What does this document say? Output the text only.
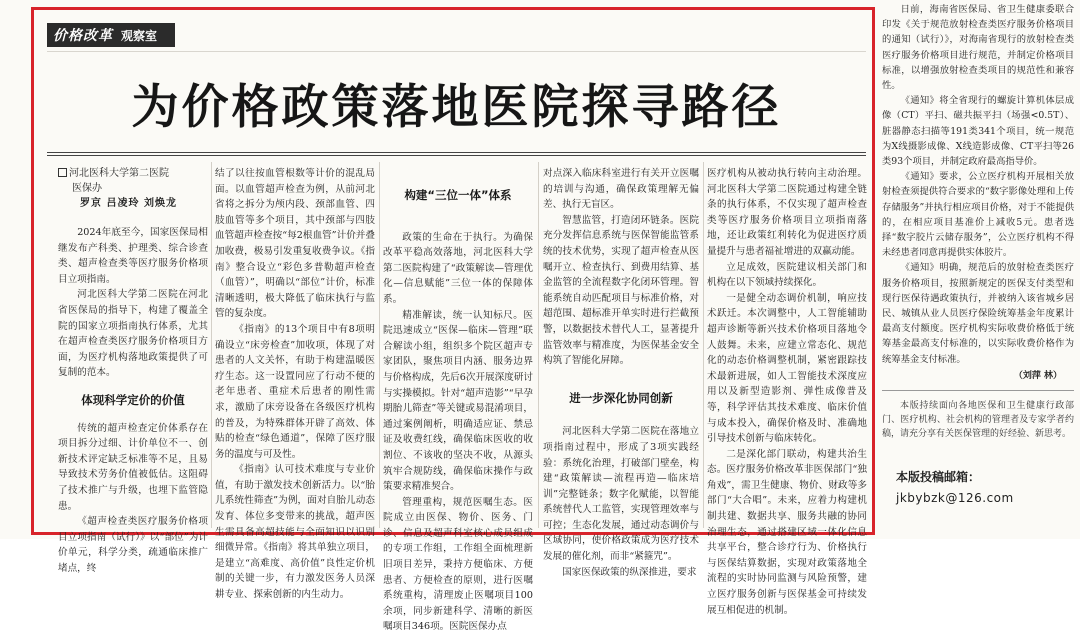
价格改革 观察室
为价格政策落地医院探寻路径
河北医科大学第二医院
医保办
罗京 吕凌玲 刘焕龙

2024年底至今，国家医保局相继发布产科类、护理类、综合诊查类、超声检查类等医疗服务价格项目立项指南。

河北医科大学第二医院在河北省医保局的指导下，构建了覆盖全院的国家立项指南执行体系，尤其在超声检查类医疗服务价格项目方面，为医疗机构落地政策提供了可复制的范本。

体现科学定价的价值

传统的超声检查定价体系存在项目拆分过细、计价单位不一、创新技术评定缺乏标准等不足，且易导致技术劳务价值被低估。这阻碍了技术推广与升级，也埋下监管隐患。

《超声检查类医疗服务价格项目立项指南（试行）》以“部位”为计价单元，科学分类，疏通临床推广堵点，终

结了以往按血管根数等计价的混乱局面。以血管超声检查为例，从前河北省将之拆分为颅内段、颈部血管、四肢血管等多个项目，其中颈部与四肢血管超声检查按“每2根血管”计价并叠加收费，极易引发重复收费争议。《指南》整合设立“彩色多普勒超声检查（血管）”，明确以“部位”计价，标准清晰透明，极大降低了临床执行与监管的复杂度。

《指南》的13个项目中有8项明确设立“床旁检查”加收项，体现了对患者的人文关怀，有助于构建温暖医疗生态。这一设置同应了行动不便的老年患者、重症术后患者的刚性需求，激励了床旁设备在各级医疗机构的普及，为特殊群体开辟了高效、体贴的检查“绿色通道”，保障了医疗服务的温度与可及性。

《指南》认可技术难度与专业价值，有助于激发技术创新活力。以“胎儿系统性筛查”为例，面对自胎儿动态发育、体位多变带来的挑战，超声医生需具备高超技能与全面知识以识别细微异常。《指南》将其单独立项目，是建立“高难度、高价值”良性定价机制的关键一步，有力激发医务人员深耕专业、探索创新的内生动力。

构建“三位一体”体系

政策的生命在于执行。为确保改革平稳高效落地，河北医科大学第二医院构建了“政策解读—管理优化—信息赋能”三位一体的保障体系。

精准解读，统一认知标尺。医院迅速成立“医保—临床—管理”联合解读小组，组织多个院区超声专家团队，聚焦项目内涵、服务边界与价格构成，先后6次开展深度研讨与实操模拟。针对“超声造影”“早孕期胎儿筛查”等关键或易混淆项目，通过案例阐析，明确适应证、禁忌证及收费红线，确保临床医收的收割位、不该收的坚决不收，从源头筑牢合规防线，确保临床操作与政策要求精准契合。

管理重构，规范医嘱生态。医院成立由医保、物价、医务、门诊、信息及超声科室核心成员组成的专项工作组，工作组全面梳理新旧项目差异，秉持方便临床、方便患者、方便检查的原则，进行医嘱系统重构，清理废止医嘱项目100余项，同步新建科学、清晰的新医嘱项目346项。医院医保办点

对点深入临床科室进行有关开立医嘱的培训与沟通，确保政策理解无偏差、执行无盲区。

智慧监管，打造闭环链条。医院充分发挥信息系统与医保智能监管系统的技术优势，实现了超声检查从医嘱开立、检查执行、到费用结算、基金监管的全流程数字化闭环管理。智能系统自动匹配项目与标准价格，对超范围、超标准开单实时进行拦截预警，以数据技术替代人工，显著提升监管效率与精准度，为医保基金安全构筑了智能化屏障。

进一步深化协同创新

河北医科大学第二医院在落地立项指南过程中，形成了3项实践经验：系统化治理，打破部门壁垒，构建“政策解读—流程再造—临床培训”完整链条；数字化赋能，以智能系统替代人工监管，实现管理效率与可控；生态化发展，通过动态调价与区域协同，使价格政策成为医疗技术发展的催化剂，而非“紧箍咒”。

国家医保政策的纵深推进，要求

医疗机构从被动执行转向主动治理。河北医科大学第二医院通过构建全链条的执行体系，不仅实现了超声检查类等医疗服务价格项目立项指南落地，还让政策红利转化为促进医疗质量提升与患者福祉增进的双赢动能。

立足成效，医院建议相关部门和机构在以下领域持续探化。

一是健全动态调价机制，响应技术跃迁。本次调整中，人工智能辅助超声诊断等新兴技术价格项目落地令人鼓舞。未来，应建立常态化、规范化的动态价格调整机制，紧密跟踪技术最新进展，如人工智能技术深度应用以及新型造影剂、弹性成像普及等，科学评估其技术难度、临床价值与成本投入，确保价格及时、准确地引导技术创新与临床转化。

二是深化部门联动，构建共治生态。医疗服务价格改革非医保部门“独角戏”，需卫生健康、物价、财政等多部门“大合唱”。未来，应着力构建机制共建、数据共享、服务共融的协同治理生态，通过搭建区域一体化信息共享平台，整合诊疗行为、价格执行与医保结算数据，实现对政策落地全流程的实时协同监测与风险预警，建立医疗服务创新与医保基金可持续发展互相促进的机制。

日前，海南省医保局、省卫生健康委联合印发《关于规范放射检查类医疗服务价格项目的通知（试行）》，对海南省现行的放射检查类医疗服务价格项目进行规范，并制定价格项目标准，以增强放射检查类项目的规范性和兼容性。

《通知》将全省现行的螺旋计算机体层成像（CT）平扫、磁共振平扫（场强<0.5T）、脏器静态扫描等191类341个项目，统一规范为X线摄影成像、X线造影成像、CT平扫等26类93个项目，并制定政府最高指导价。

《通知》要求，公立医疗机构开展相关放射检查须提供符合要求的“数字影像处理和上传存储服务”并执行相应项目价格，对于不能提供的，在相应项目基准价上减收5元。患者选择“数字胶片云储存服务”，公立医疗机构不得未经患者同意再提供实体胶片。

《通知》明确，规范后的放射检查类医疗服务价格项目，按照新规定的医保支付类型和现行医保待遇政策执行，并被纳入该省城乡居民、城镇从业人员医疗保险统筹基金年度累计最高支付额度。医疗机构实际收费价格低于统筹基金最高支付标准的，以实际收费价格作为统筹基金支付标准。

（刘萍 林）
本版持续面向各地医保和卫生健康行政部门、医疗机构、社会机构的管理者及专家学者约稿，请充分享有关医保管理的好经验、新思考。
本版投稿邮箱：
jkbybzk@126.com
